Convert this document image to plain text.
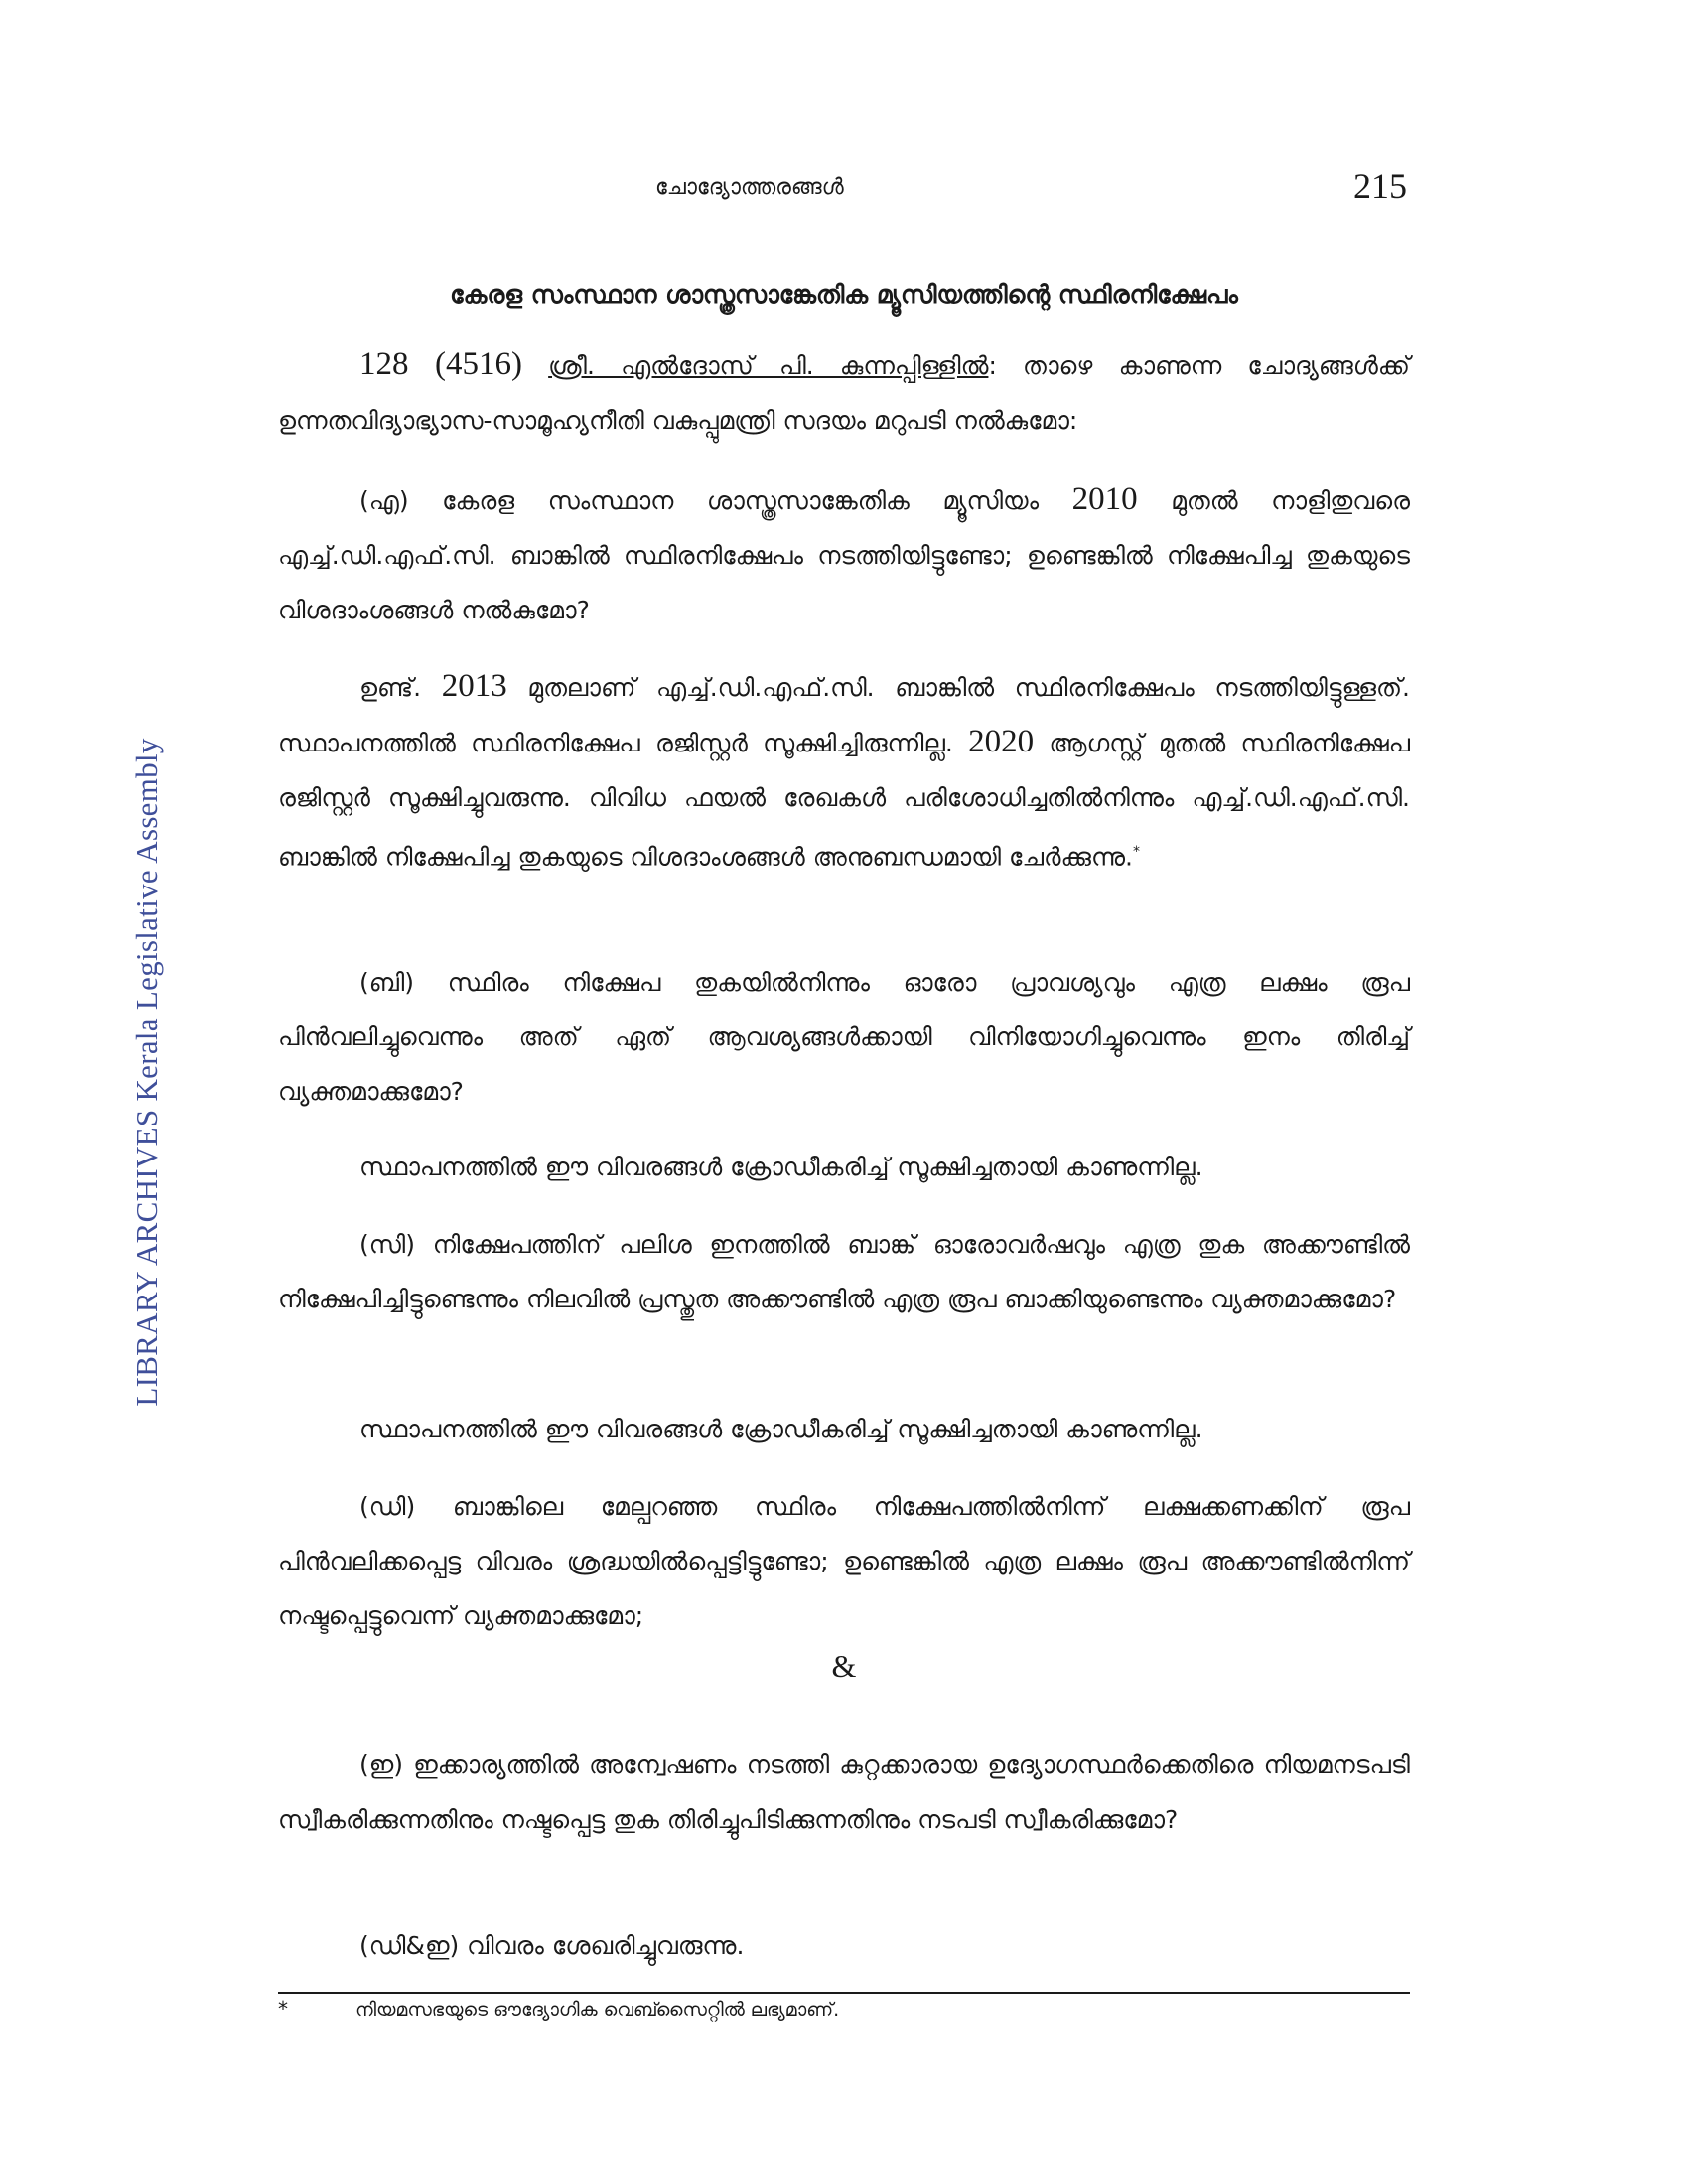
LIBRARY ARCHIVES Kerala Legislative Assembly
ചോദ്യോത്തരങ്ങൾ	215
കേരള സംസ്ഥാന ശാസ്ത്രസാങ്കേതിക മ്യൂസിയത്തിന്റെ സ്ഥിരനിക്ഷേപം
128 (4516) ശ്രീ. എൽദോസ് പി. കുന്നപ്പിള്ളിൽ: താഴെ കാണുന്ന ചോദ്യങ്ങൾക്ക് ഉന്നതവിദ്യാഭ്യാസ-സാമൂഹ്യനീതി വകുപ്പുമന്ത്രി സദയം മറുപടി നൽകുമോ:
(എ) കേരള സംസ്ഥാന ശാസ്ത്രസാങ്കേതിക മ്യൂസിയം 2010 മുതൽ നാളിതുവരെ എച്ച്.ഡി.എഫ്.സി. ബാങ്കിൽ സ്ഥിരനിക്ഷേപം നടത്തിയിട്ടുണ്ടോ; ഉണ്ടെങ്കിൽ നിക്ഷേപിച്ച തുകയുടെ വിശദാംശങ്ങൾ നൽകുമോ?
ഉണ്ട്. 2013 മുതലാണ് എച്ച്.ഡി.എഫ്.സി. ബാങ്കിൽ സ്ഥിരനിക്ഷേപം നടത്തിയിട്ടുള്ളത്. സ്ഥാപനത്തിൽ സ്ഥിരനിക്ഷേപ രജിസ്റ്റർ സൂക്ഷിച്ചിരുന്നില്ല. 2020 ആഗസ്റ്റ് മുതൽ സ്ഥിരനിക്ഷേപ രജിസ്റ്റർ സൂക്ഷിച്ചുവരുന്നു. വിവിധ ഫയൽ രേഖകൾ പരിശോധിച്ചതിൽനിന്നും എച്ച്.ഡി.എഫ്.സി. ബാങ്കിൽ നിക്ഷേപിച്ച തുകയുടെ വിശദാംശങ്ങൾ അനുബന്ധമായി ചേർക്കുന്നു.*
(ബി) സ്ഥിരം നിക്ഷേപ തുകയിൽനിന്നും ഓരോ പ്രാവശ്യവും എത്ര ലക്ഷം രൂപ പിൻവലിച്ചുവെന്നും അത് ഏത് ആവശ്യങ്ങൾക്കായി വിനിയോഗിച്ചുവെന്നും ഇനം തിരിച്ച് വ്യക്തമാക്കുമോ?
സ്ഥാപനത്തിൽ ഈ വിവരങ്ങൾ ക്രോഡീകരിച്ച് സൂക്ഷിച്ചതായി കാണുന്നില്ല.
(സി) നിക്ഷേപത്തിന് പലിശ ഇനത്തിൽ ബാങ്ക് ഓരോവർഷവും എത്ര തുക അക്കൗണ്ടിൽ നിക്ഷേപിച്ചിട്ടുണ്ടെന്നും നിലവിൽ പ്രസ്തുത അക്കൗണ്ടിൽ എത്ര രൂപ ബാക്കിയുണ്ടെന്നും വ്യക്തമാക്കുമോ?
സ്ഥാപനത്തിൽ ഈ വിവരങ്ങൾ ക്രോഡീകരിച്ച് സൂക്ഷിച്ചതായി കാണുന്നില്ല.
(ഡി) ബാങ്കിലെ മേല്പറഞ്ഞ സ്ഥിരം നിക്ഷേപത്തിൽനിന്ന് ലക്ഷക്കണക്കിന് രൂപ പിൻവലിക്കപ്പെട്ട വിവരം ശ്രദ്ധയിൽപ്പെട്ടിട്ടുണ്ടോ; ഉണ്ടെങ്കിൽ എത്ര ലക്ഷം രൂപ അക്കൗണ്ടിൽനിന്ന് നഷ്ടപ്പെട്ടുവെന്ന് വ്യക്തമാക്കുമോ;
&
(ഇ) ഇക്കാര്യത്തിൽ അന്വേഷണം നടത്തി കുറ്റക്കാരായ ഉദ്യോഗസ്ഥർക്കെതിരെ നിയമനടപടി സ്വീകരിക്കുന്നതിനും നഷ്ടപ്പെട്ട തുക തിരിച്ചുപിടിക്കുന്നതിനും നടപടി സ്വീകരിക്കുമോ?
(ഡി&ഇ) വിവരം ശേഖരിച്ചുവരുന്നു.
*	നിയമസഭയുടെ ഔദ്യോഗിക വെബ്സൈറ്റിൽ ലഭ്യമാണ്.
